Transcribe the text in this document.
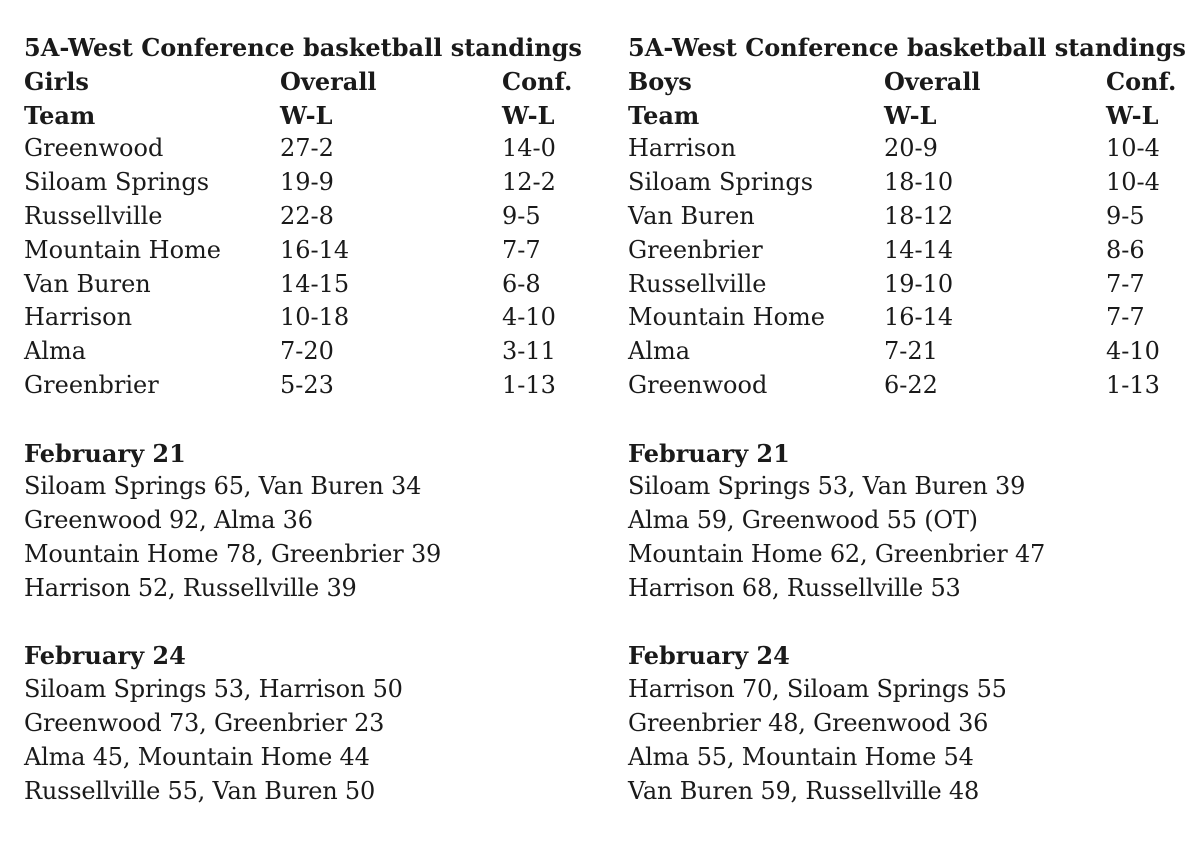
5A-West Conference basketball standings
Girls	Overall	Conf.
Team	W-L	W-L
Greenwood	27-2	14-0
Siloam Springs	19-9	12-2
Russellville	22-8	9-5
Mountain Home 16-14	7-7
Van Buren	14-15	6-8
Harrison	10-18	4-10
Alma	7-20	3-11
Greenbrier	5-23	1-13
February 21
Siloam Springs 65, Van Buren 34
Greenwood 92, Alma 36
Mountain Home 78, Greenbrier 39
Harrison 52, Russellville 39
February 24
Siloam Springs 53, Harrison 50
Greenwood 73, Greenbrier 23
Alma 45, Mountain Home 44
Russellville 55, Van Buren 50
5A-West Conference basketball standings
Boys	Overall	Conf.
Team	W-L	W-L
Harrison	20-9	10-4
Siloam Springs	18-10	10-4
Van Buren	18-12	9-5
Greenbrier	14-14	8-6
Russellville	19-10	7-7
Mountain Home 16-14	7-7
Alma	7-21	4-10
Greenwood	6-22	1-13
February 21
Siloam Springs 53, Van Buren 39
Alma 59, Greenwood 55 (OT)
Mountain Home 62, Greenbrier 47
Harrison 68, Russellville 53
February 24
Harrison 70, Siloam Springs 55
Greenbrier 48, Greenwood 36
Alma 55, Mountain Home 54
Van Buren 59, Russellville 48
